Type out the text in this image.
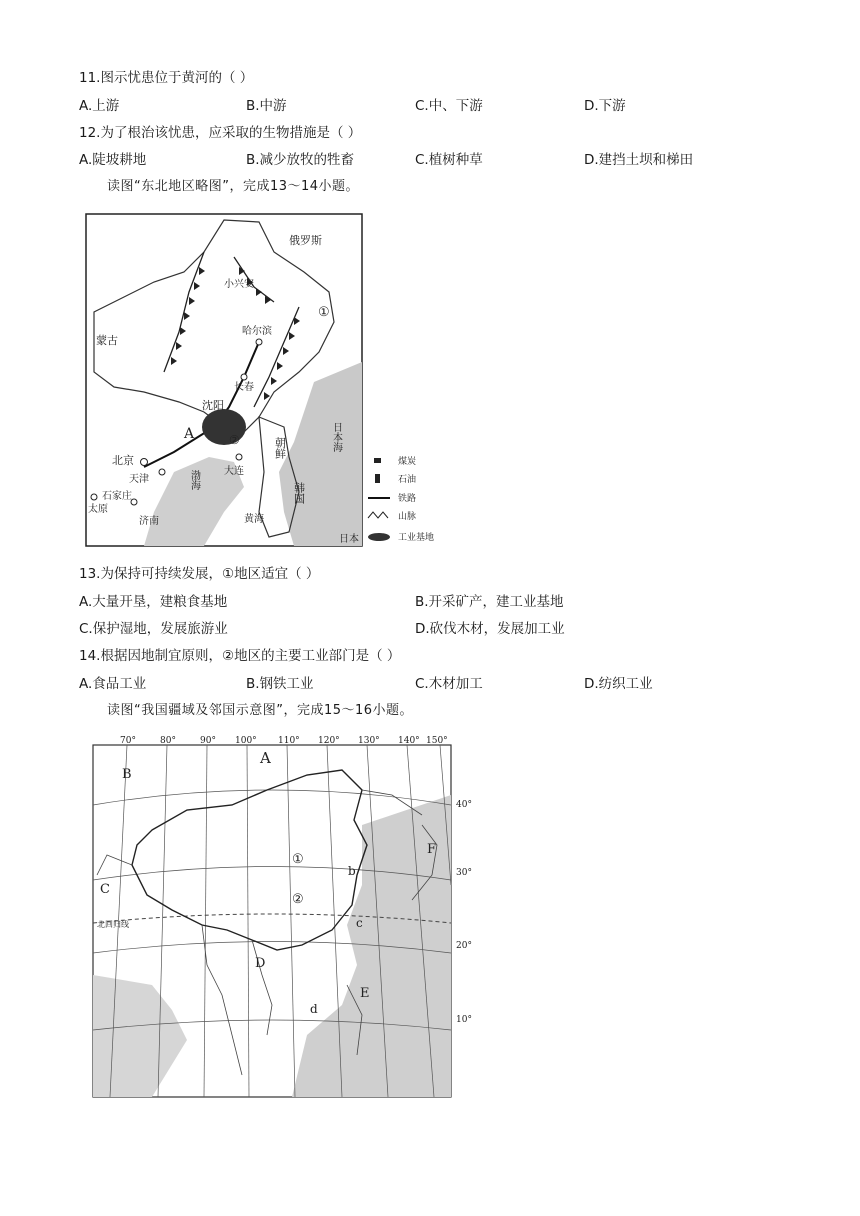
11.图示忧患位于黄河的（ ）
A.上游	B.中游	C.中、下游	D.下游
12.为了根治该忧患，应采取的生物措施是（ ）
A.陡坡耕地	B.减少放牧的牲畜	C.植树种草	D.建挡土坝和梯田
读图“东北地区略图”，完成13～14小题。
俄罗斯
蒙古
小兴安
哈尔滨
长春
沈阳
北京
天津
大连
石家庄
太原
济南
渤海
黄海
朝鲜
韩国
日本海
日本
①
②
A
煤炭
石油
铁路
山脉
工业基地
13.为保持可持续发展，①地区适宜（ ）
A.大量开垦，建粮食基地	B.开采矿产，建工业基地
C.保护湿地，发展旅游业	D.砍伐木材，发展加工业
14.根据因地制宜原则，②地区的主要工业部门是（ ）
A.食品工业	B.钢铁工业	C.木材加工	D.纺织工业
读图“我国疆域及邻国示意图”，完成15～16小题。
70°	80°	90° 100° 110° 120° 130° 140° 150°
40°
30°
20°
10°
A
B
C
D
E
F
b
c
d
①
②
北回归线
